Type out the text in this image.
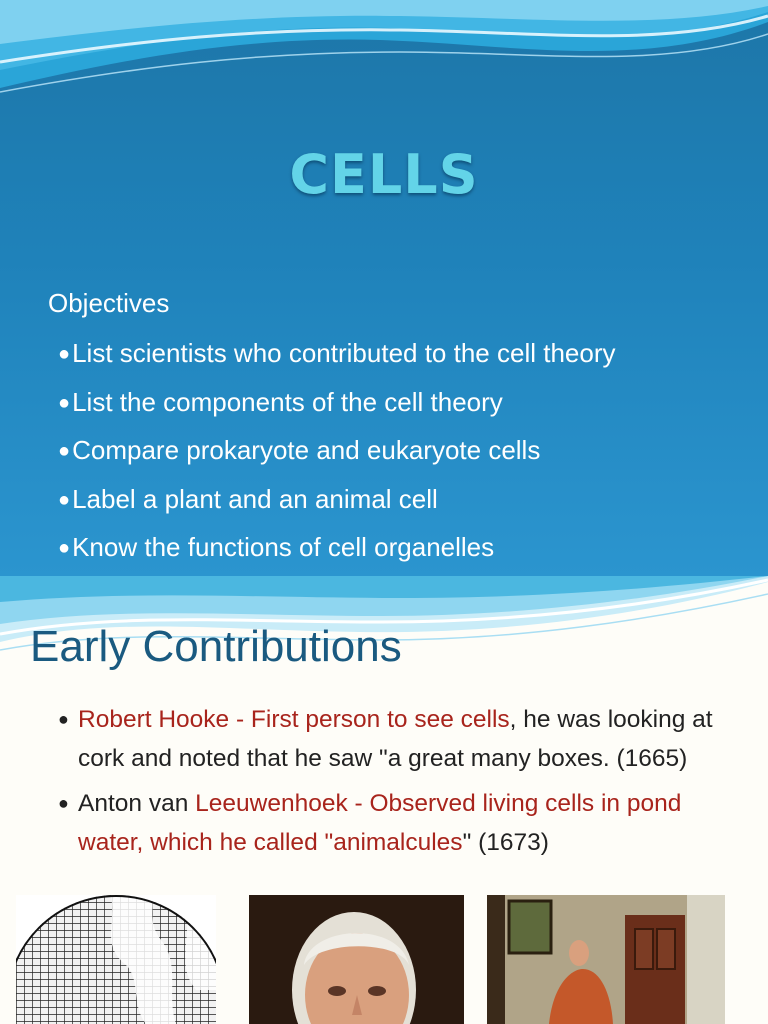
CELLS
Objectives
●List scientists who contributed to the cell theory
●List the components of the cell theory
●Compare prokaryote and eukaryote cells
●Label a plant and an animal cell
●Know the functions of cell organelles
Early Contributions
● Robert Hooke - First person to see cells, he was looking at cork and noted that he saw "a great many boxes. (1665)
● Anton van Leeuwenhoek - Observed living cells in pond water, which he called "animalcules" (1673)
